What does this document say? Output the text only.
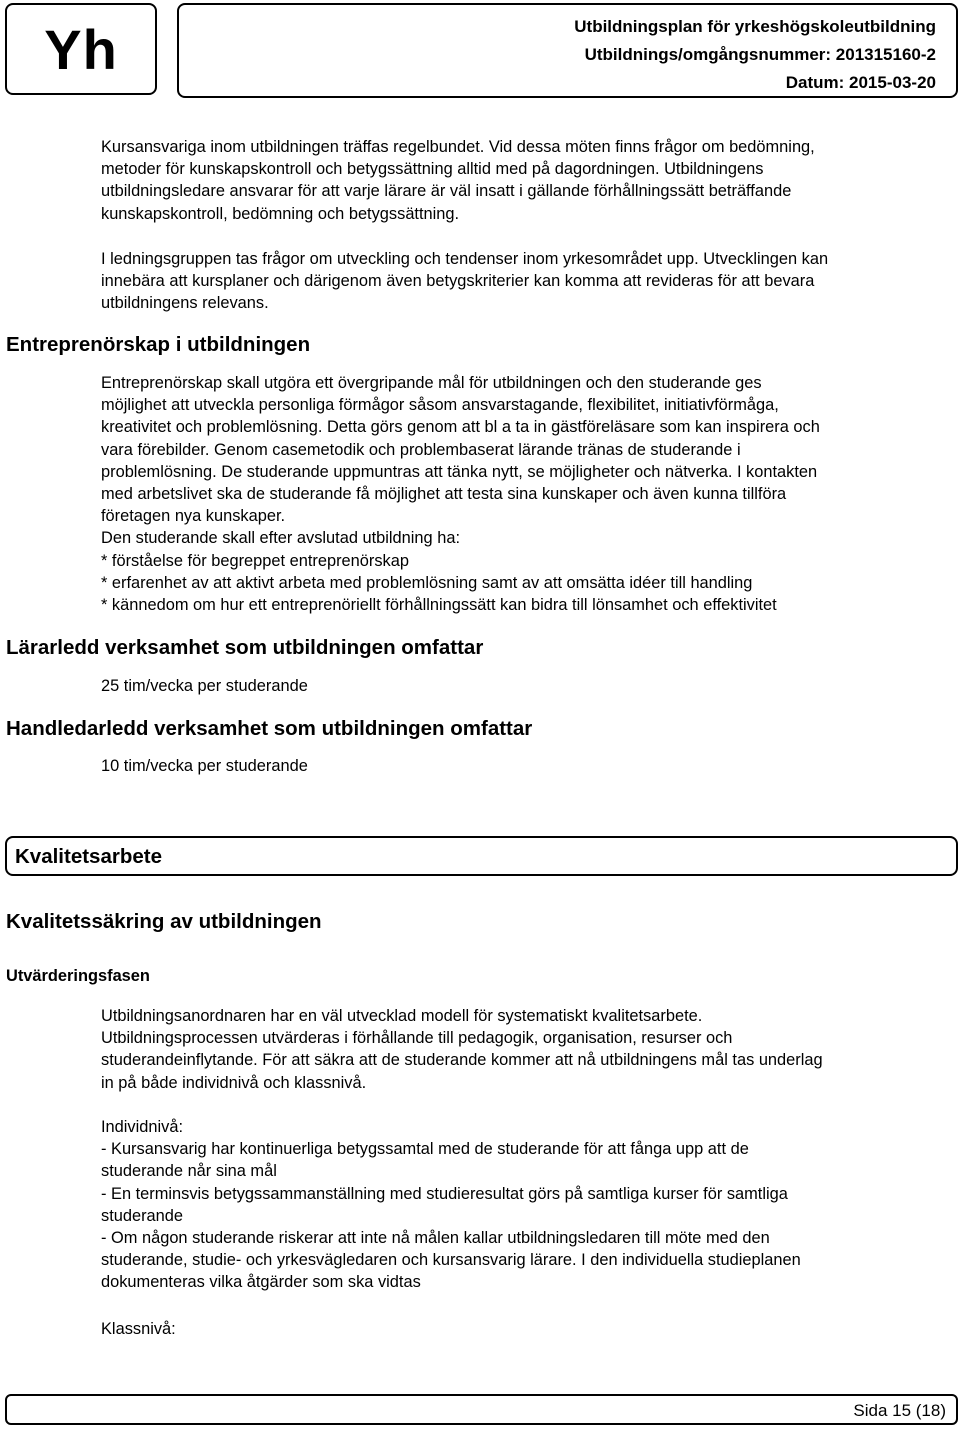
Yh	Utbildningsplan för yrkeshögskoleutbildning
Utbildnings/omgångsnummer: 201315160-2
Datum: 2015-03-20
Kursansvariga inom utbildningen träffas regelbundet. Vid dessa möten finns frågor om bedömning,
metoder för kunskapskontroll och betygssättning alltid med på dagordningen. Utbildningens
utbildningsledare ansvarar för att varje lärare är väl insatt i gällande förhållningssätt beträffande
kunskapskontroll, bedömning och betygssättning.
I ledningsgruppen tas frågor om utveckling och tendenser inom yrkesområdet upp. Utvecklingen kan
innebära att kursplaner och därigenom även betygskriterier kan komma att revideras för att bevara
utbildningens relevans.
Entreprenörskap i utbildningen
Entreprenörskap skall utgöra ett övergripande mål för utbildningen och den studerande ges
möjlighet att utveckla personliga förmågor såsom ansvarstagande, flexibilitet, initiativförmåga,
kreativitet och problemlösning. Detta görs genom att bl a ta in gästföreläsare som kan inspirera och
vara förebilder. Genom casemetodik och problembaserat lärande tränas de studerande i
problemlösning. De studerande uppmuntras att tänka nytt, se möjligheter och nätverka. I kontakten
med arbetslivet ska de studerande få möjlighet att testa sina kunskaper och även kunna tillföra
företagen nya kunskaper.
Den studerande skall efter avslutad utbildning ha:
* förståelse för begreppet entreprenörskap
* erfarenhet av att aktivt arbeta med problemlösning samt av att omsätta idéer till handling
* kännedom om hur ett entreprenöriellt förhållningssätt kan bidra till lönsamhet och effektivitet
Lärarledd verksamhet som utbildningen omfattar
25 tim/vecka per studerande
Handledarledd verksamhet som utbildningen omfattar
10 tim/vecka per studerande
Kvalitetsarbete
Kvalitetssäkring av utbildningen
Utvärderingsfasen
Utbildningsanordnaren har en väl utvecklad modell för systematiskt kvalitetsarbete.
Utbildningsprocessen utvärderas i förhållande till pedagogik, organisation, resurser och
studerandeinflytande. För att säkra att de studerande kommer att nå utbildningens mål tas underlag
in på både individnivå och klassnivå.
Individnivå:
- Kursansvarig har kontinuerliga betygssamtal med de studerande för att fånga upp att de
studerande når sina mål
- En terminsvis betygssammanställning med studieresultat görs på samtliga kurser för samtliga
studerande
- Om någon studerande riskerar att inte nå målen kallar utbildningsledaren till möte med den
studerande, studie- och yrkesvägledaren och kursansvarig lärare. I den individuella studieplanen
dokumenteras vilka åtgärder som ska vidtas
Klassnivå:
Sida 15 (18)
